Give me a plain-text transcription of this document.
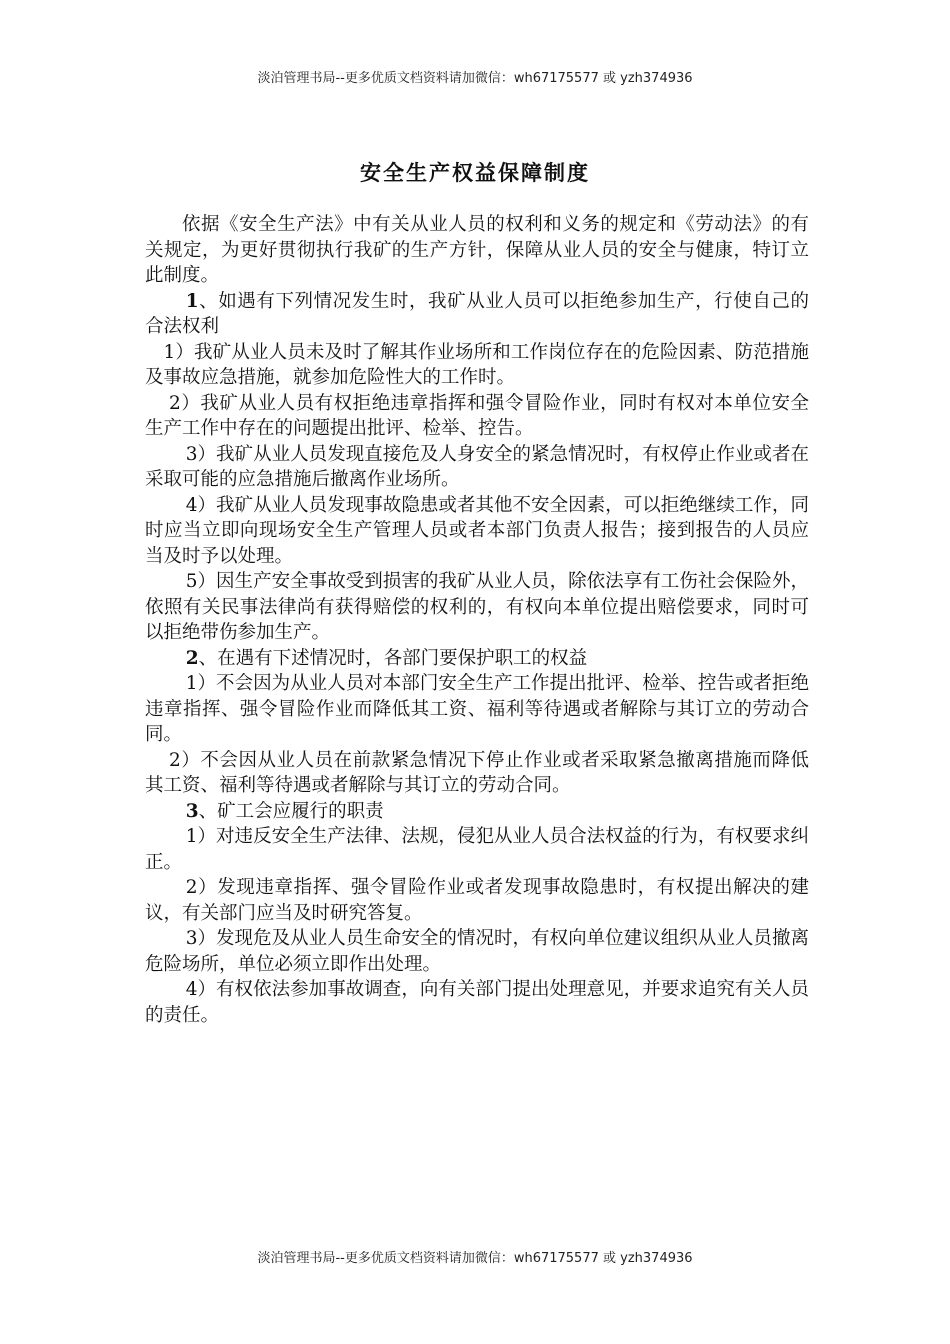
淡泊管理书局--更多优质文档资料请加微信：wh67175577 或 yzh374936
安全生产权益保障制度

依据《安全生产法》中有关从业人员的权利和义务的规定和《劳动法》的有关规定，为更好贯彻执行我矿的生产方针，保障从业人员的安全与健康，特订立此制度。

1、如遇有下列情况发生时，我矿从业人员可以拒绝参加生产，行使自己的合法权利

1）我矿从业人员未及时了解其作业场所和工作岗位存在的危险因素、防范措施及事故应急措施，就参加危险性大的工作时。

2）我矿从业人员有权拒绝违章指挥和强令冒险作业，同时有权对本单位安全生产工作中存在的问题提出批评、检举、控告。

3）我矿从业人员发现直接危及人身安全的紧急情况时，有权停止作业或者在采取可能的应急措施后撤离作业场所。

4）我矿从业人员发现事故隐患或者其他不安全因素，可以拒绝继续工作，同时应当立即向现场安全生产管理人员或者本部门负责人报告；接到报告的人员应当及时予以处理。

5）因生产安全事故受到损害的我矿从业人员，除依法享有工伤社会保险外，依照有关民事法律尚有获得赔偿的权利的，有权向本单位提出赔偿要求，同时可以拒绝带伤参加生产。

2、在遇有下述情况时，各部门要保护职工的权益

1）不会因为从业人员对本部门安全生产工作提出批评、检举、控告或者拒绝违章指挥、强令冒险作业而降低其工资、福利等待遇或者解除与其订立的劳动合同。

2）不会因从业人员在前款紧急情况下停止作业或者采取紧急撤离措施而降低其工资、福利等待遇或者解除与其订立的劳动合同。

3、矿工会应履行的职责

1）对违反安全生产法律、法规，侵犯从业人员合法权益的行为，有权要求纠正。

2）发现违章指挥、强令冒险作业或者发现事故隐患时，有权提出解决的建议，有关部门应当及时研究答复。

3）发现危及从业人员生命安全的情况时，有权向单位建议组织从业人员撤离危险场所，单位必须立即作出处理。

4）有权依法参加事故调查，向有关部门提出处理意见，并要求追究有关人员的责任。

淡泊管理书局--更多优质文档资料请加微信：wh67175577 或 yzh374936
